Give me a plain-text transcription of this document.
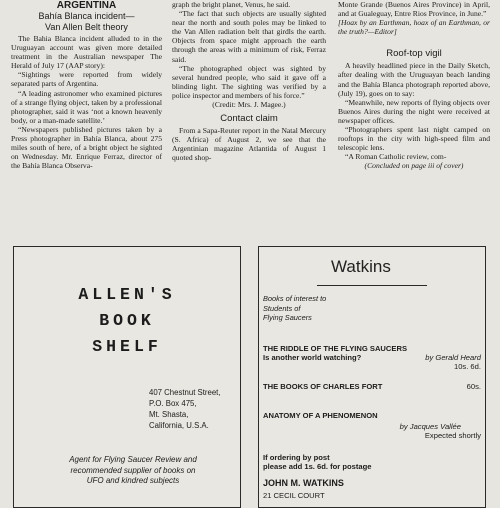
ARGENTINA
Bahía Blanca incident—
Van Allen Belt theory

The Bahia Blanca incident alluded to in the Uruguayan account was given more detailed treatment in the Australian newspaper The Herald of July 17 (AAP story):

“Sightings were reported from widely separated parts of Argentina.

“A leading astronomer who examined pictures of a strange flying object, taken by a professional photographer, said it was ‘not a known heavenly body, or a man-made satellite.’

“Newspapers published pictures taken by a Press photographer in Bahía Blanca, about 275 miles south of here, of a bright object he sighted on Wednesday. Mr. Enrique Ferraz, director of the Bahía Blanca Observa-

graph the bright planet, Venus, he said.

“The fact that such objects are usually sighted near the north and south poles may be linked to the Van Allen radiation belt that girdls the earth. Objects from space might approach the earth through the areas with a minimum of risk, Ferraz said.

“The photographed object was sighted by several hundred people, who said it gave off a blinding light. The sighting was verified by a police inspector and members of his force.”

(Credit: Mrs. J. Magee.)

Contact claim

From a Sapa-Reuter report in the Natal Mercury (S. Africa) of August 2, we see that the Argentinian magazine Atlantida of August 1 quoted shop-

Monte Grande (Buenos Aires Province) in April, and at Gualeguay, Entre Rios Province, in June.”

[Hoax by an Earthman, hoax of an Earthman, or the truth?—Editor]

Roof-top vigil

A heavily headlined piece in the Daily Sketch, after dealing with the Uruguayan beach landing and the Bahía Blanca photograph reported above, (July 19), goes on to say:

“Meanwhile, new reports of flying objects over Buenos Aires during the night were received at newspaper offices.

“Photographers spent last night camped on rooftops in the city with high-speed film and telescopic lens.

“A Roman Catholic review, com-

(Concluded on page iii of cover)

ALLEN'S
BOOK
SHELF
407 Chestnut Street,
P.O. Box 475,
Mt. Shasta,
California, U.S.A.
Agent for Flying Saucer Review and
recommended supplier of books on
UFO and kindred subjects
Watkins
Books of interest to
Students of
Flying Saucers
THE RIDDLE OF THE FLYING SAUCERS
Is another world watching?	by Gerald Heard
10s. 6d.
THE BOOKS OF CHARLES FORT	60s.
ANATOMY OF A PHENOMENON
by Jacques Vallée
Expected shortly
If ordering by post
please add 1s. 6d. for postage
JOHN M. WATKINS
21 CECIL COURT
